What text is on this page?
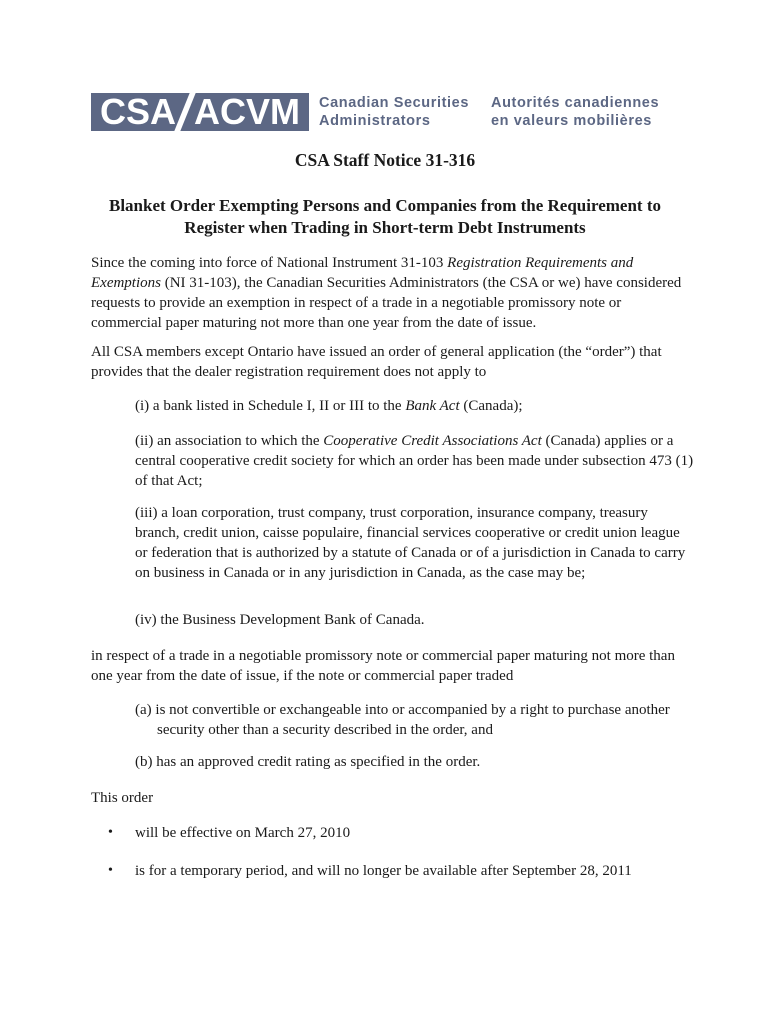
CSA ACVM Canadian Securities
Administrators
Autorités canadiennes
en valeurs mobilières
CSA Staff Notice 31-316
Blanket Order Exempting Persons and Companies from the Requirement to
Register when Trading in Short-term Debt Instruments
Since the coming into force of National Instrument 31-103 Registration Requirements and Exemptions (NI 31-103), the Canadian Securities Administrators (the CSA or we) have considered requests to provide an exemption in respect of a trade in a negotiable promissory note or commercial paper maturing not more than one year from the date of issue.
All CSA members except Ontario have issued an order of general application (the “order”) that provides that the dealer registration requirement does not apply to
(i) a bank listed in Schedule I, II or III to the Bank Act (Canada);
(ii) an association to which the Cooperative Credit Associations Act (Canada) applies or a central cooperative credit society for which an order has been made under subsection 473 (1) of that Act;
(iii) a loan corporation, trust company, trust corporation, insurance company, treasury branch, credit union, caisse populaire, financial services cooperative or credit union league or federation that is authorized by a statute of Canada or of a jurisdiction in Canada to carry on business in Canada or in any jurisdiction in Canada, as the case may be;
(iv) the Business Development Bank of Canada.
in respect of a trade in a negotiable promissory note or commercial paper maturing not more than one year from the date of issue, if the note or commercial paper traded
(a) is not convertible or exchangeable into or accompanied by a right to purchase another
security other than a security described in the order, and
(b) has an approved credit rating as specified in the order.
This order
•	will be effective on March 27, 2010
•	is for a temporary period, and will no longer be available after September 28, 2011
